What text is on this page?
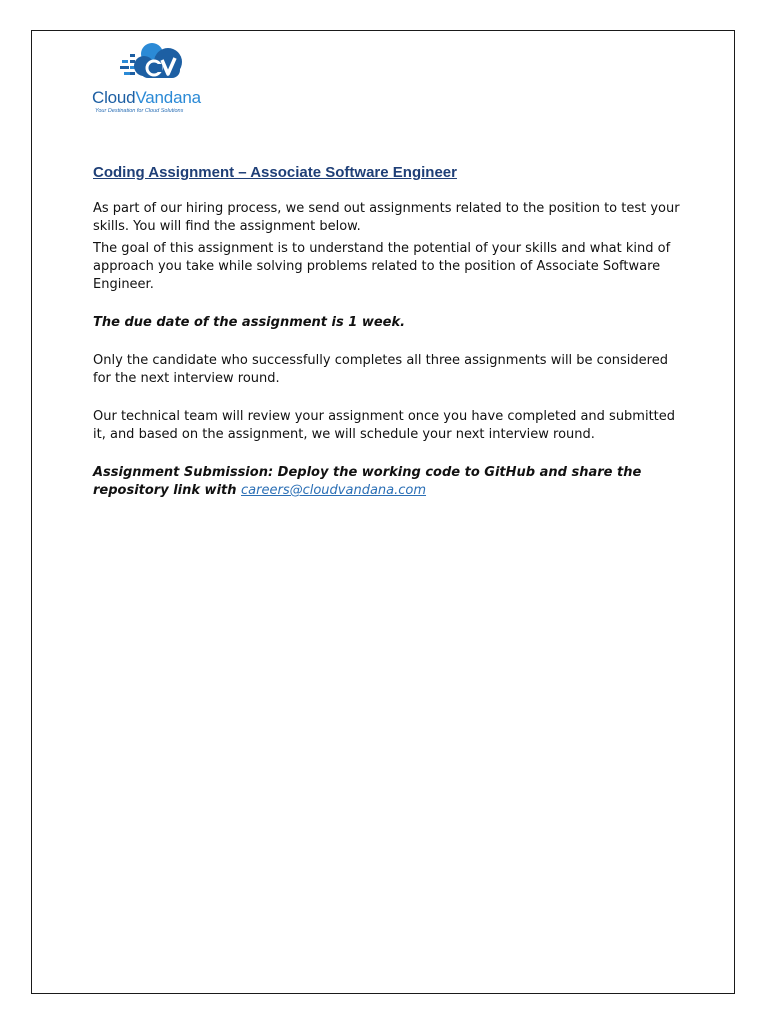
CloudVandana
Your Destination for Cloud Solutions
Coding Assignment – Associate Software Engineer

As part of our hiring process, we send out assignments related to the position to test your skills. You will find the assignment below.

The goal of this assignment is to understand the potential of your skills and what kind of approach you take while solving problems related to the position of Associate Software Engineer.

The due date of the assignment is 1 week.

Only the candidate who successfully completes all three assignments will be considered for the next interview round.

Our technical team will review your assignment once you have completed and submitted it, and based on the assignment, we will schedule your next interview round.

Assignment Submission: Deploy the working code to GitHub and share the repository link with careers@cloudvandana.com
